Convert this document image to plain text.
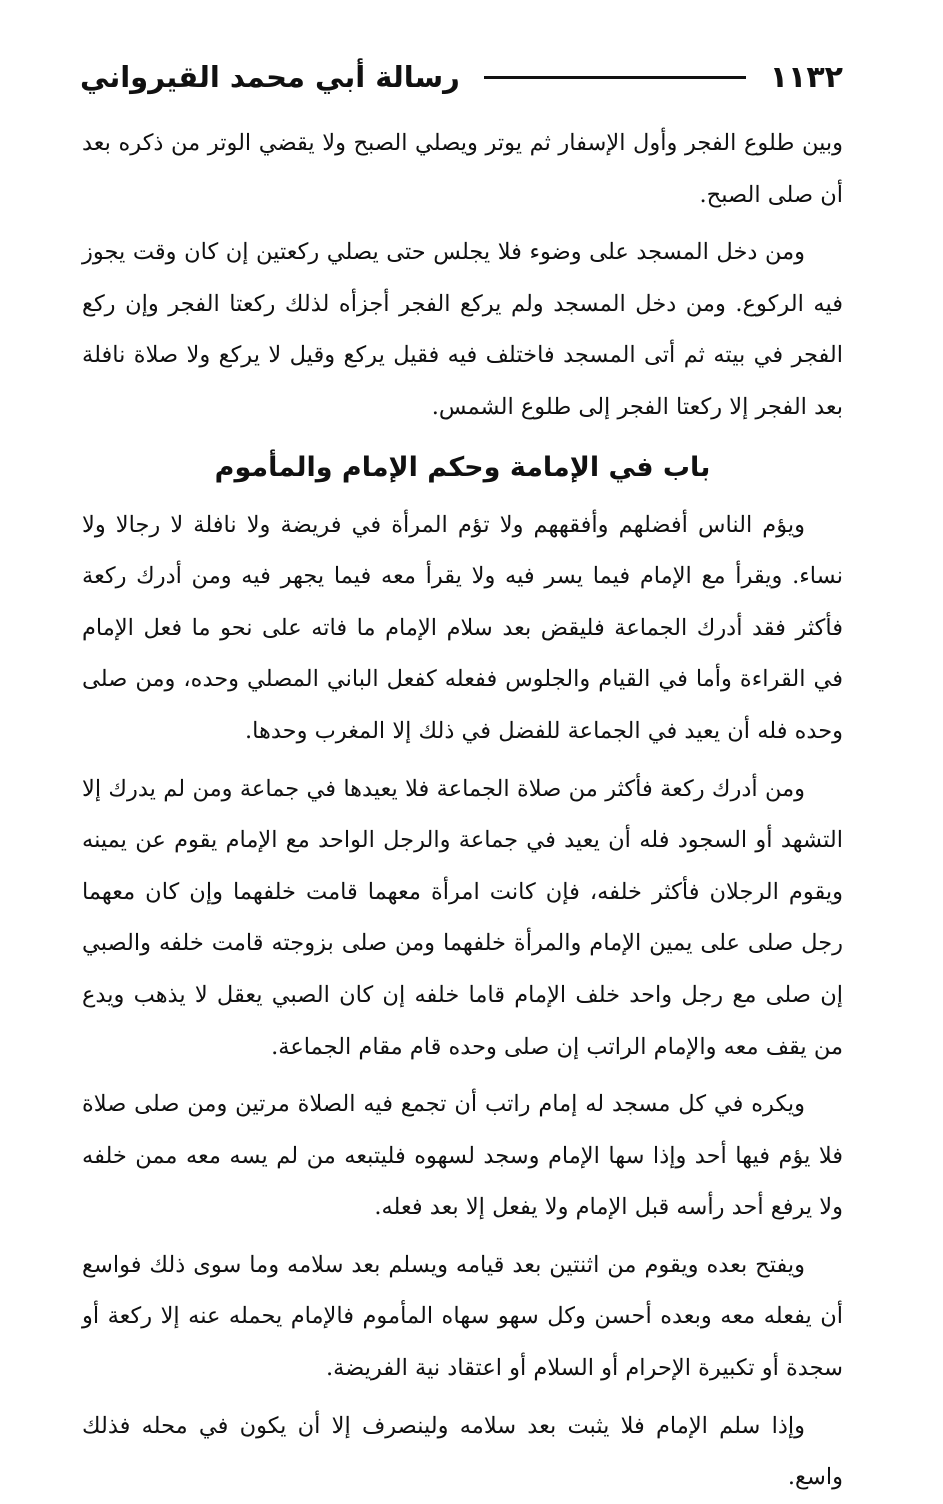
١١٣٢
رسالة أبي محمد القيرواني

وبين طلوع الفجر وأول الإسفار ثم يوتر ويصلي الصبح ولا يقضي الوتر من ذكره بعد أن صلى الصبح.

ومن دخل المسجد على وضوء فلا يجلس حتى يصلي ركعتين إن كان وقت يجوز فيه الركوع. ومن دخل المسجد ولم يركع الفجر أجزأه لذلك ركعتا الفجر وإن ركع الفجر في بيته ثم أتى المسجد فاختلف فيه فقيل يركع وقيل لا يركع ولا صلاة نافلة بعد الفجر إلا ركعتا الفجر إلى طلوع الشمس.

باب في الإمامة وحكم الإمام والمأموم

ويؤم الناس أفضلهم وأفقههم ولا تؤم المرأة في فريضة ولا نافلة لا رجالا ولا نساء. ويقرأ مع الإمام فيما يسر فيه ولا يقرأ معه فيما يجهر فيه ومن أدرك ركعة فأكثر فقد أدرك الجماعة فليقض بعد سلام الإمام ما فاته على نحو ما فعل الإمام في القراءة وأما في القيام والجلوس ففعله كفعل الباني المصلي وحده، ومن صلى وحده فله أن يعيد في الجماعة للفضل في ذلك إلا المغرب وحدها.

ومن أدرك ركعة فأكثر من صلاة الجماعة فلا يعيدها في جماعة ومن لم يدرك إلا التشهد أو السجود فله أن يعيد في جماعة والرجل الواحد مع الإمام يقوم عن يمينه ويقوم الرجلان فأكثر خلفه، فإن كانت امرأة معهما قامت خلفهما وإن كان معهما رجل صلى على يمين الإمام والمرأة خلفهما ومن صلى بزوجته قامت خلفه والصبي إن صلى مع رجل واحد خلف الإمام قاما خلفه إن كان الصبي يعقل لا يذهب ويدع من يقف معه والإمام الراتب إن صلى وحده قام مقام الجماعة.

ويكره في كل مسجد له إمام راتب أن تجمع فيه الصلاة مرتين ومن صلى صلاة فلا يؤم فيها أحد وإذا سها الإمام وسجد لسهوه فليتبعه من لم يسه معه ممن خلفه ولا يرفع أحد رأسه قبل الإمام ولا يفعل إلا بعد فعله.

ويفتح بعده ويقوم من اثنتين بعد قيامه ويسلم بعد سلامه وما سوى ذلك فواسع أن يفعله معه وبعده أحسن وكل سهو سهاه المأموم فالإمام يحمله عنه إلا ركعة أو سجدة أو تكبيرة الإحرام أو السلام أو اعتقاد نية الفريضة.

وإذا سلم الإمام فلا يثبت بعد سلامه ولينصرف إلا أن يكون في محله فذلك واسع.
